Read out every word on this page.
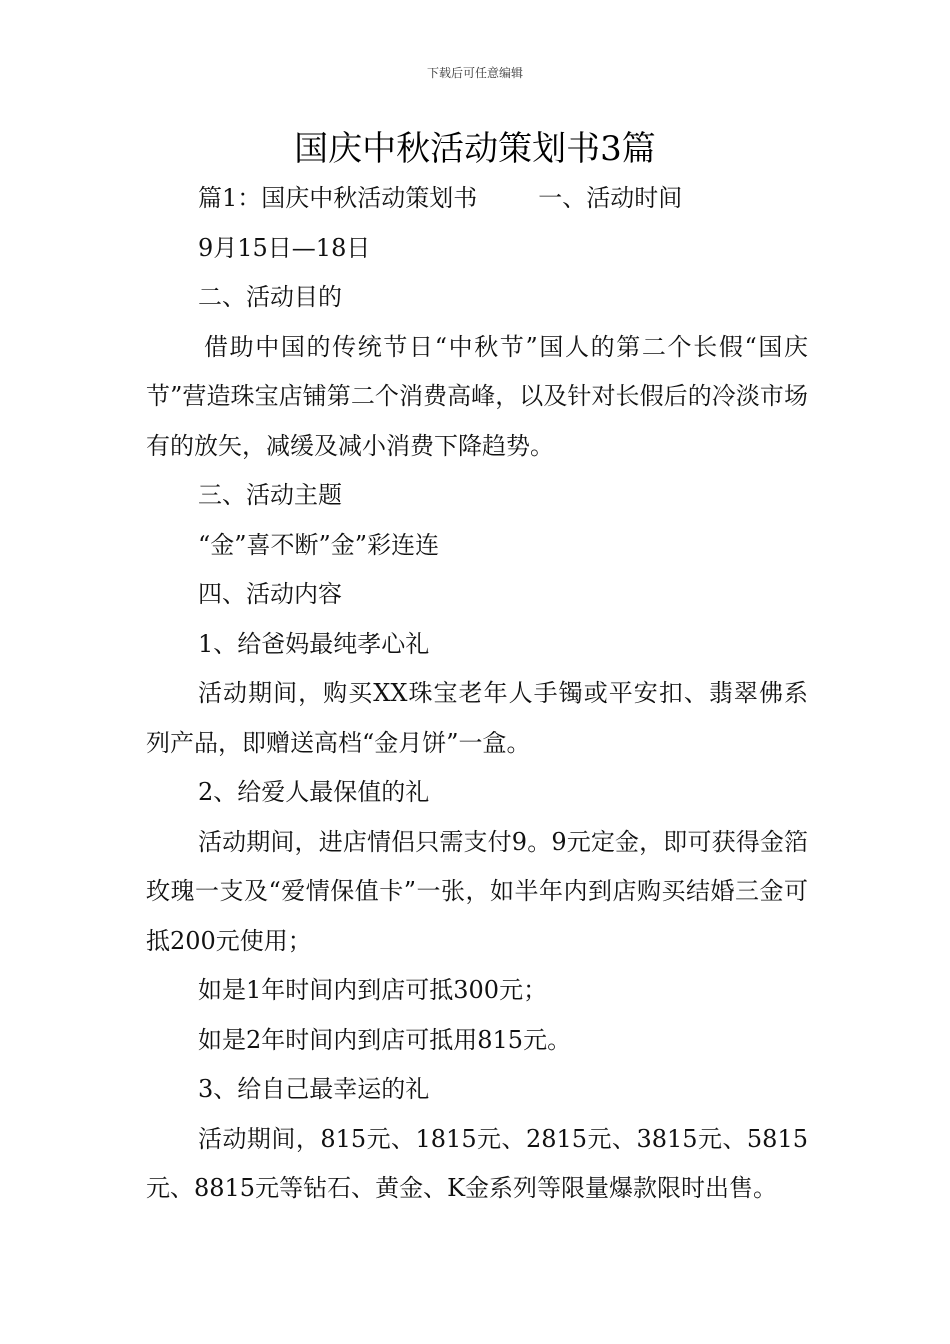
下载后可任意编辑
国庆中秋活动策划书3篇

篇1：国庆中秋活动策划书        一、活动时间

9月15日—18日

二、活动目的

借助中国的传统节日“中秋节”国人的第二个长假“国庆节”营造珠宝店铺第二个消费高峰，以及针对长假后的冷淡市场有的放矢，减缓及减小消费下降趋势。

三、活动主题

“金”喜不断”金”彩连连

四、活动内容

1、给爸妈最纯孝心礼

活动期间，购买XX珠宝老年人手镯或平安扣、翡翠佛系列产品，即赠送高档“金月饼”一盒。

2、给爱人最保值的礼

活动期间，进店情侣只需支付9。9元定金，即可获得金箔玫瑰一支及“爱情保值卡”一张，如半年内到店购买结婚三金可抵200元使用；

如是1年时间内到店可抵300元；

如是2年时间内到店可抵用815元。

3、给自己最幸运的礼

活动期间，815元、1815元、2815元、3815元、5815元、8815元等钻石、黄金、K金系列等限量爆款限时出售。
